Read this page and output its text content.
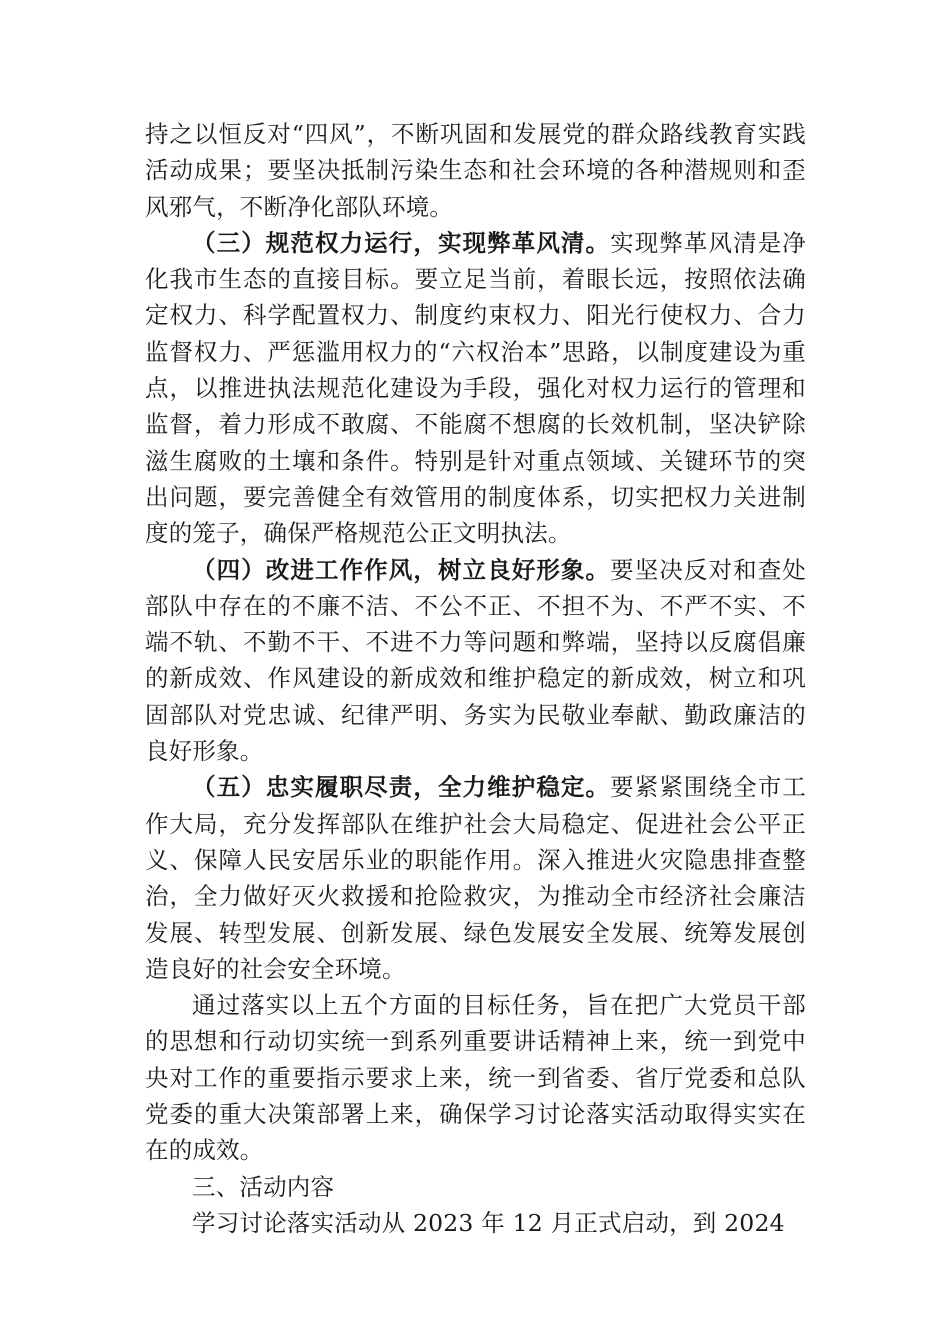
持之以恒反对“四风”，不断巩固和发展党的群众路线教育实践活动成果；要坚决抵制污染生态和社会环境的各种潜规则和歪风邪气，不断净化部队环境。

（三）规范权力运行，实现弊革风清。实现弊革风清是净化我市生态的直接目标。要立足当前，着眼长远，按照依法确定权力、科学配置权力、制度约束权力、阳光行使权力、合力监督权力、严惩滥用权力的“六权治本”思路，以制度建设为重点，以推进执法规范化建设为手段，强化对权力运行的管理和监督，着力形成不敢腐、不能腐不想腐的长效机制，坚决铲除滋生腐败的土壤和条件。特别是针对重点领域、关键环节的突出问题，要完善健全有效管用的制度体系，切实把权力关进制度的笼子，确保严格规范公正文明执法。

（四）改进工作作风，树立良好形象。要坚决反对和查处部队中存在的不廉不洁、不公不正、不担不为、不严不实、不端不轨、不勤不干、不进不力等问题和弊端，坚持以反腐倡廉的新成效、作风建设的新成效和维护稳定的新成效，树立和巩固部队对党忠诚、纪律严明、务实为民敬业奉献、勤政廉洁的良好形象。

（五）忠实履职尽责，全力维护稳定。要紧紧围绕全市工作大局，充分发挥部队在维护社会大局稳定、促进社会公平正义、保障人民安居乐业的职能作用。深入推进火灾隐患排查整治，全力做好灭火救援和抢险救灾，为推动全市经济社会廉洁发展、转型发展、创新发展、绿色发展安全发展、统筹发展创造良好的社会安全环境。

通过落实以上五个方面的目标任务，旨在把广大党员干部的思想和行动切实统一到系列重要讲话精神上来，统一到党中央对工作的重要指示要求上来，统一到省委、省厅党委和总队党委的重大决策部署上来，确保学习讨论落实活动取得实实在在的成效。

三、活动内容

学习讨论落实活动从 2023 年 12 月正式启动，到 2024
